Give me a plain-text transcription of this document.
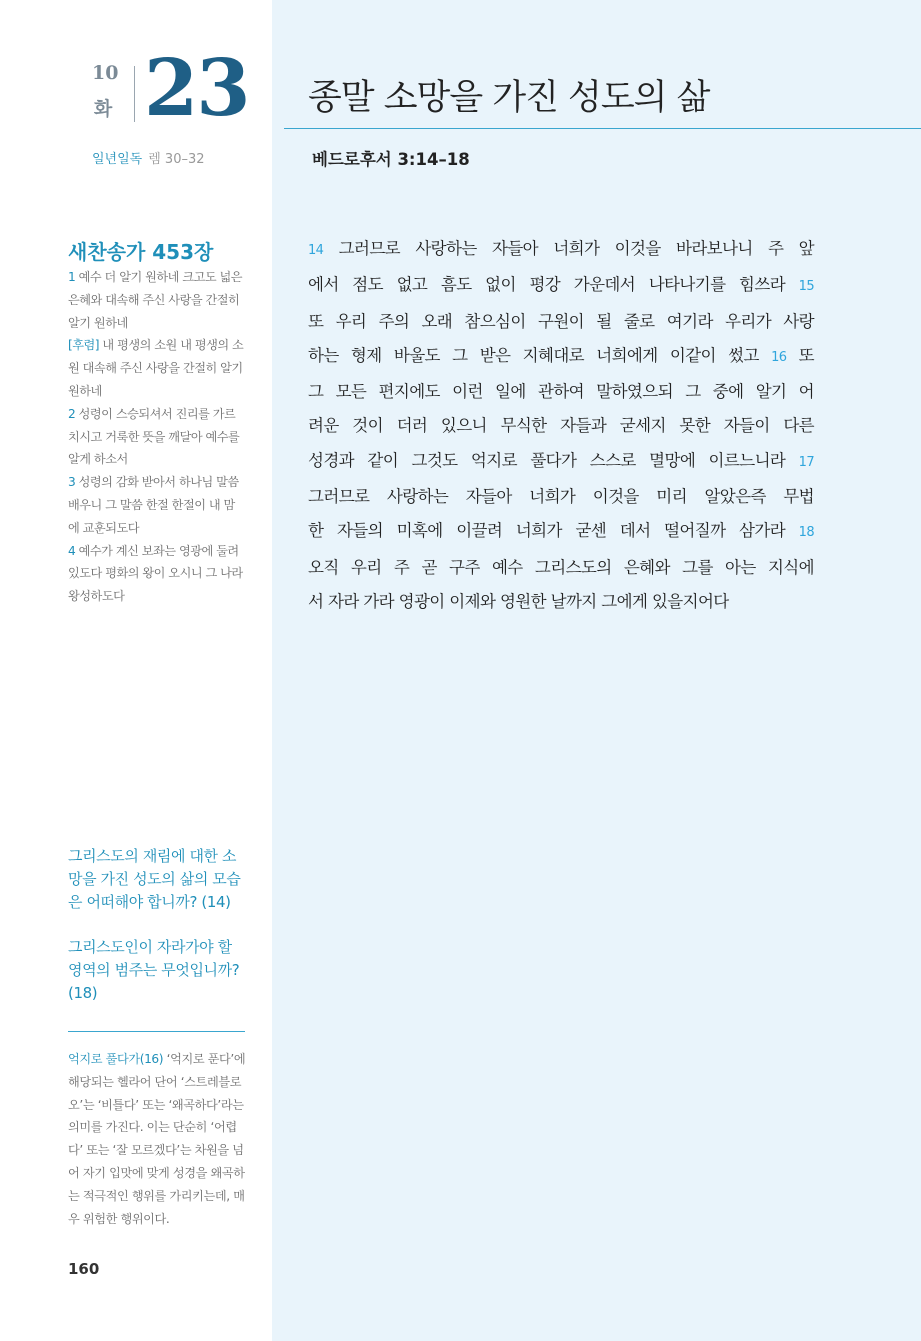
10
화 23
일년일독 렘 30–32
새찬송가 453장

1 예수 더 알기 원하네 크고도 넓은 은혜와 대속해 주신 사랑을 간절히 알기 원하네

[후렴] 내 평생의 소원 내 평생의 소원 대속해 주신 사랑을 간절히 알기 원하네

2 성령이 스승되셔서 진리를 가르치시고 거룩한 뜻을 깨달아 예수를 알게 하소서

3 성령의 감화 받아서 하나님 말씀 배우니 그 말씀 한절 한절이 내 맘에 교훈되도다

4 예수가 계신 보좌는 영광에 둘려 있도다 평화의 왕이 오시니 그 나라 왕성하도다

그리스도의 재림에 대한 소망을 가진 성도의 삶의 모습은 어떠해야 합니까? (14)

그리스도인이 자라가야 할 영역의 범주는 무엇입니까? (18)

억지로 풀다가(16) ‘억지로 푼다’에 해당되는 헬라어 단어 ‘스트레블로오’는 ‘비틀다’ 또는 ‘왜곡하다’라는 의미를 가진다. 이는 단순히 ‘어렵다’ 또는 ‘잘 모르겠다’는 차원을 넘어 자기 입맛에 맞게 성경을 왜곡하는 적극적인 행위를 가리키는데, 매우 위험한 행위이다.
160
종말 소망을 가진 성도의 삶
베드로후서 3:14–18
14 그러므로 사랑하는 자들아 너희가 이것을 바라보나니 주 앞
에서 점도 없고 흠도 없이 평강 가운데서 나타나기를 힘쓰라 15
또 우리 주의 오래 참으심이 구원이 될 줄로 여기라 우리가 사랑
하는 형제 바울도 그 받은 지혜대로 너희에게 이같이 썼고 16 또
그 모든 편지에도 이런 일에 관하여 말하였으되 그 중에 알기 어
려운 것이 더러 있으니 무식한 자들과 굳세지 못한 자들이 다른
성경과 같이 그것도 억지로 풀다가 스스로 멸망에 이르느니라 17
그러므로 사랑하는 자들아 너희가 이것을 미리 알았은즉 무법
한 자들의 미혹에 이끌려 너희가 굳센 데서 떨어질까 삼가라 18
오직 우리 주 곧 구주 예수 그리스도의 은혜와 그를 아는 지식에
서 자라 가라 영광이 이제와 영원한 날까지 그에게 있을지어다
